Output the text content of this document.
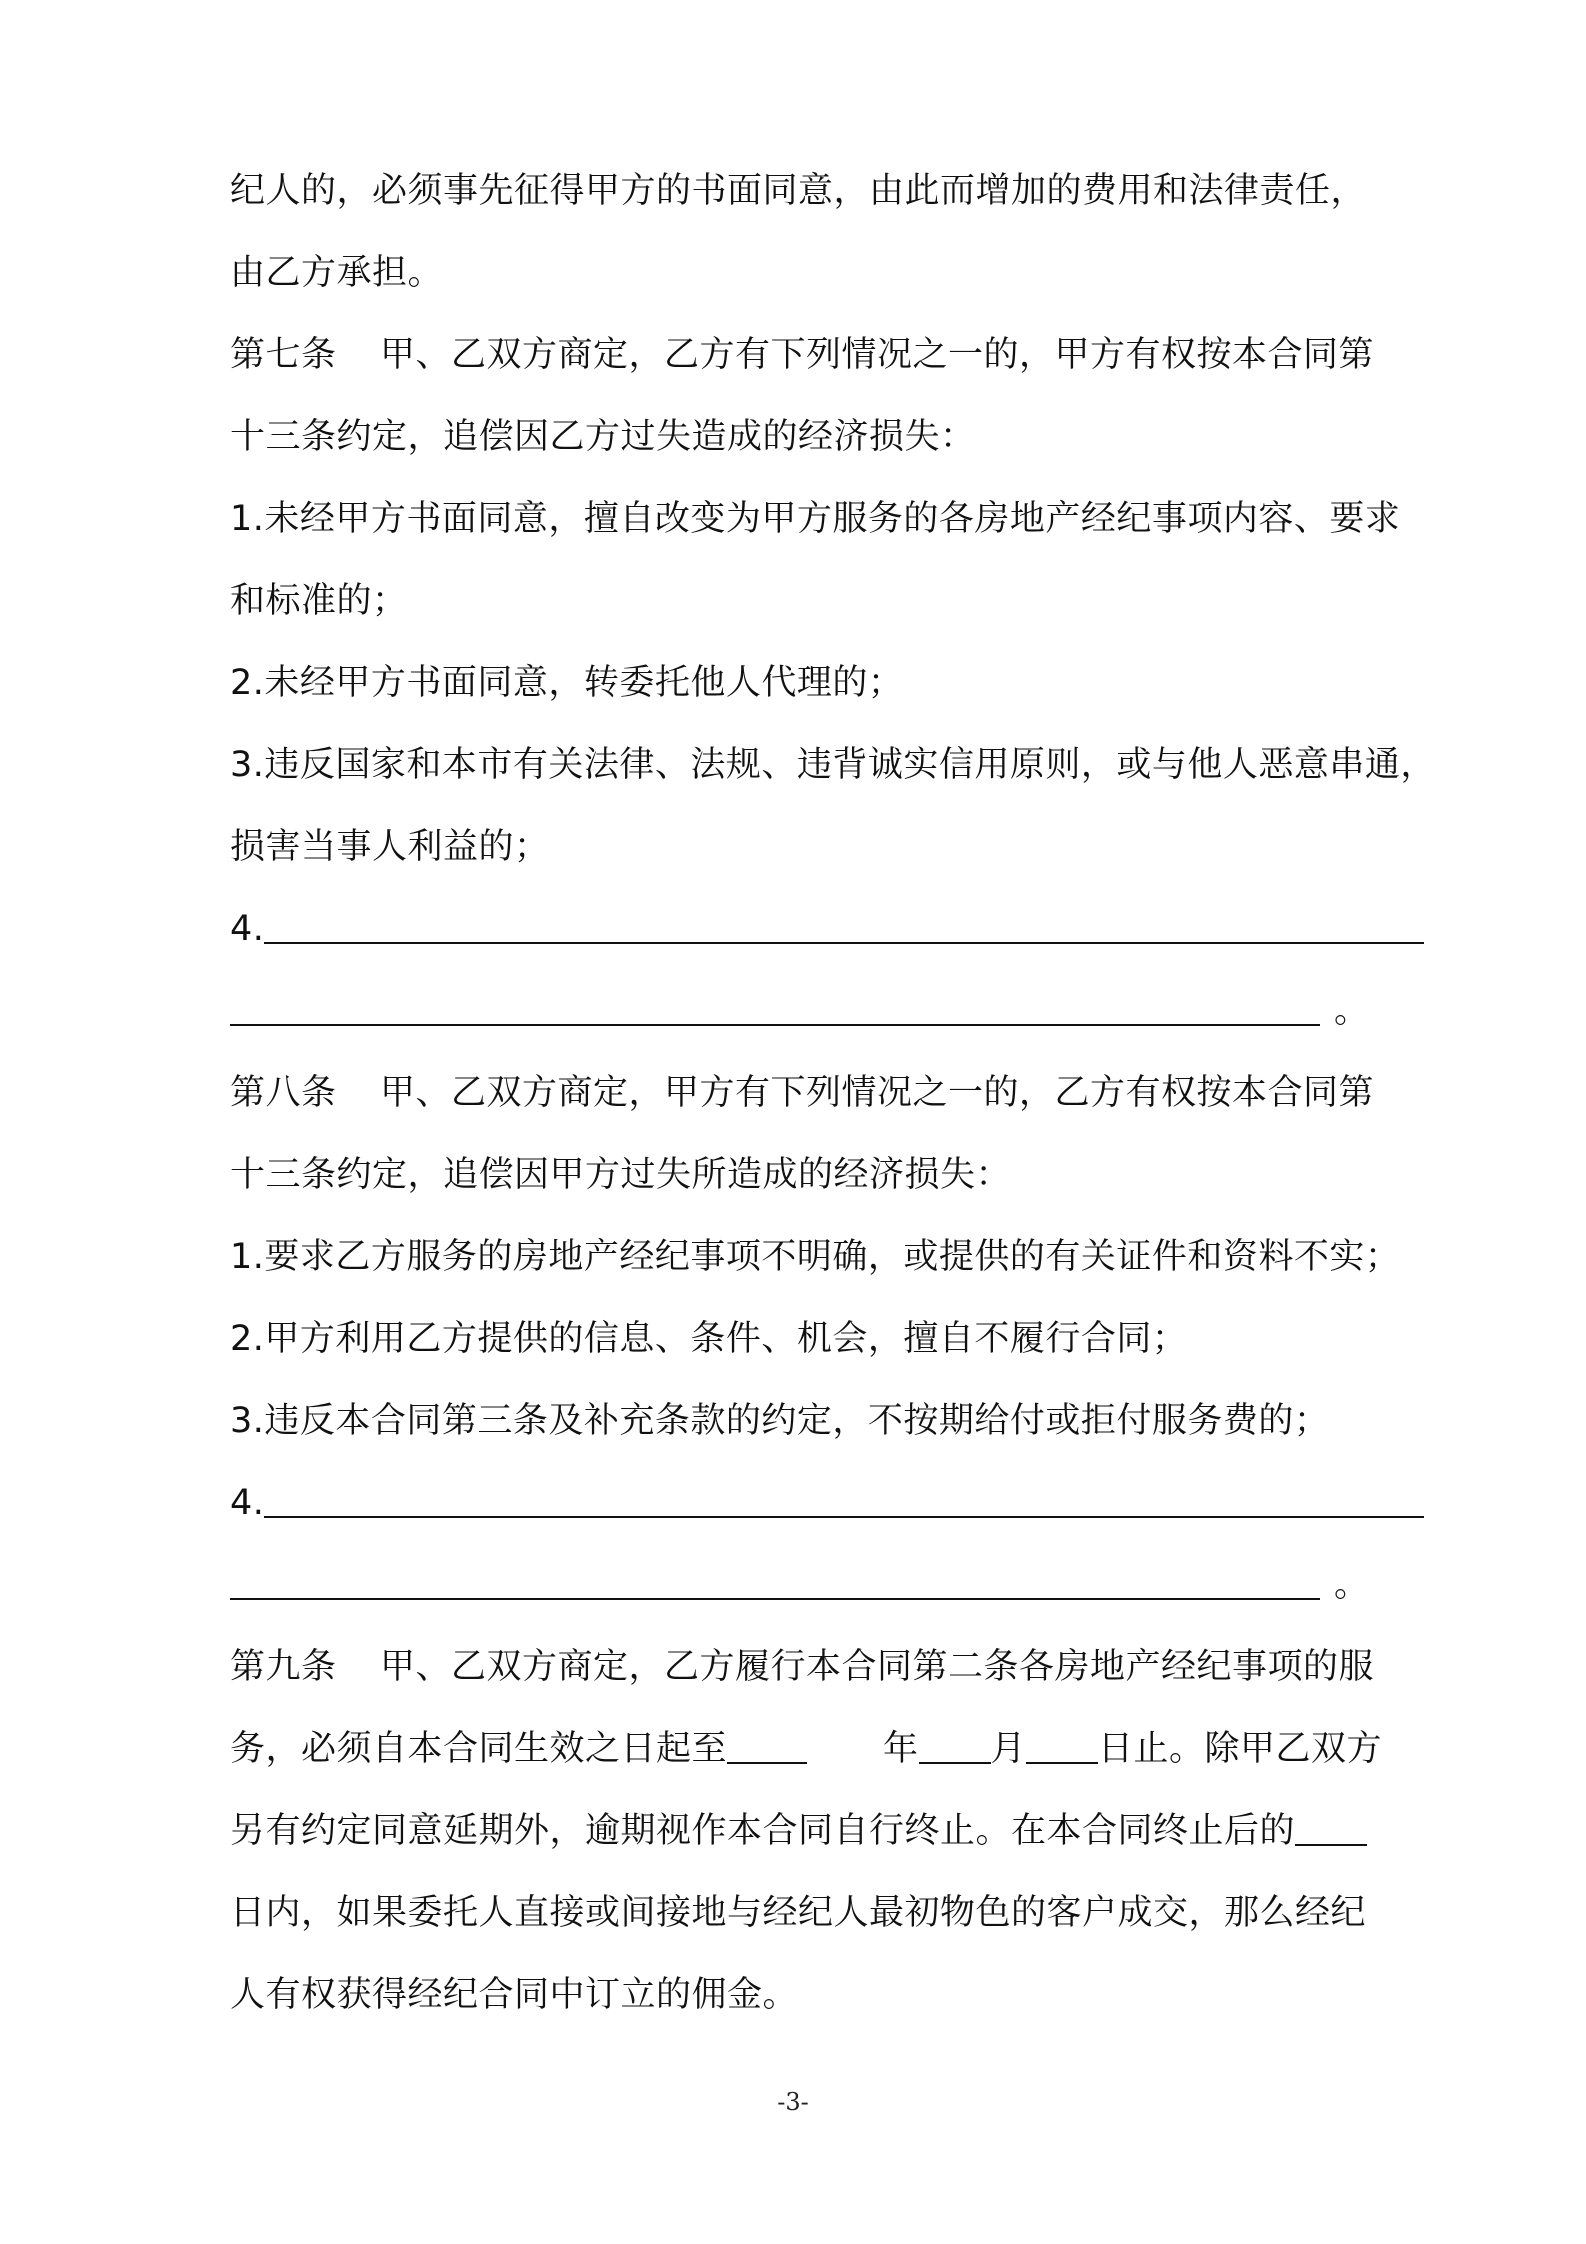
纪人的，必须事先征得甲方的书面同意，由此而增加的费用和法律责任，
由乙方承担。
第七条 甲、乙双方商定，乙方有下列情况之一的，甲方有权按本合同第
十三条约定，追偿因乙方过失造成的经济损失：
1.未经甲方书面同意，擅自改变为甲方服务的各房地产经纪事项内容、要求
和标准的；
2.未经甲方书面同意，转委托他人代理的；
3.违反国家和本市有关法律、法规、违背诚实信用原则，或与他人恶意串通，
损害当事人利益的；
4.
。
第八条 甲、乙双方商定，甲方有下列情况之一的，乙方有权按本合同第
十三条约定，追偿因甲方过失所造成的经济损失：
1.要求乙方服务的房地产经纪事项不明确，或提供的有关证件和资料不实；
2.甲方利用乙方提供的信息、条件、机会，擅自不履行合同；
3.违反本合同第三条及补充条款的约定，不按期给付或拒付服务费的；
4.
。
第九条 甲、乙双方商定，乙方履行本合同第二条各房地产经纪事项的服
务，必须自本合同生效之日起至	年 月 日止。除甲乙双方
另有约定同意延期外，逾期视作本合同自行终止。在本合同终止后的
日内，如果委托人直接或间接地与经纪人最初物色的客户成交，那么经纪
人有权获得经纪合同中订立的佣金。
-3-
